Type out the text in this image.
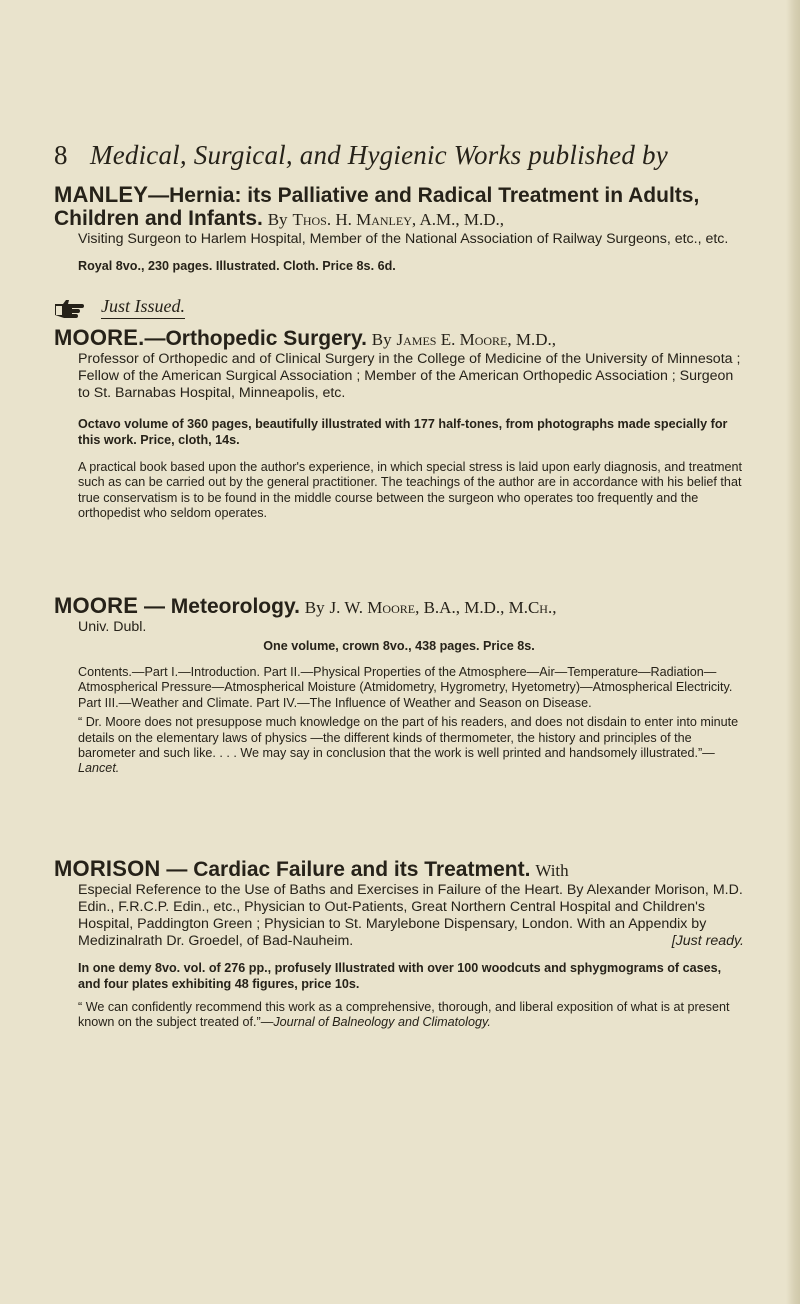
8 Medical, Surgical, and Hygienic Works published by

MANLEY—Hernia: its Palliative and Radical Treatment in Adults, Children and Infants. By Thos. H. Manley, A.M., M.D.,

Visiting Surgeon to Harlem Hospital, Member of the National Association of Railway Surgeons, etc., etc.

Royal 8vo., 230 pages. Illustrated. Cloth. Price 8s. 6d.

Just Issued.

MOORE.—Orthopedic Surgery. By James E. Moore, M.D.,

Professor of Orthopedic and of Clinical Surgery in the College of Medicine of the University of Minnesota ; Fellow of the American Surgical Association ; Member of the American Orthopedic Association ; Surgeon to St. Barnabas Hospital, Minneapolis, etc.

Octavo volume of 360 pages, beautifully illustrated with 177 half-tones, from photographs made specially for this work. Price, cloth, 14s.

A practical book based upon the author's experience, in which special stress is laid upon early diagnosis, and treatment such as can be carried out by the general practitioner. The teachings of the author are in accordance with his belief that true conservatism is to be found in the middle course between the surgeon who operates too frequently and the orthopedist who seldom operates.

MOORE — Meteorology. By J. W. Moore, B.A., M.D., M.Ch.,

Univ. Dubl.

One volume, crown 8vo., 438 pages. Price 8s.

Contents.—Part I.—Introduction. Part II.—Physical Properties of the Atmosphere—Air—Temperature—Radiation—Atmospherical Pressure—Atmospherical Moisture (Atmidometry, Hygrometry, Hyetometry)—Atmospherical Electricity. Part III.—Weather and Climate. Part IV.—The Influence of Weather and Season on Disease.

“ Dr. Moore does not presuppose much knowledge on the part of his readers, and does not disdain to enter into minute details on the elementary laws of physics —the different kinds of thermometer, the history and principles of the barometer and such like. . . . We may say in conclusion that the work is well printed and handsomely illustrated.”—Lancet.

MORISON — Cardiac Failure and its Treatment. With

Especial Reference to the Use of Baths and Exercises in Failure of the Heart. By Alexander Morison, M.D. Edin., F.R.C.P. Edin., etc., Physician to Out-Patients, Great Northern Central Hospital and Children's Hospital, Paddington Green ; Physician to St. Marylebone Dispensary, London. With an Appendix by Medizinalrath Dr. Groedel, of Bad-Nauheim.	[Just ready.

In one demy 8vo. vol. of 276 pp., profusely Illustrated with over 100 woodcuts and sphygmograms of cases, and four plates exhibiting 48 figures, price 10s.

“ We can confidently recommend this work as a comprehensive, thorough, and liberal exposition of what is at present known on the subject treated of.”—Journal of Balneology and Climatology.
